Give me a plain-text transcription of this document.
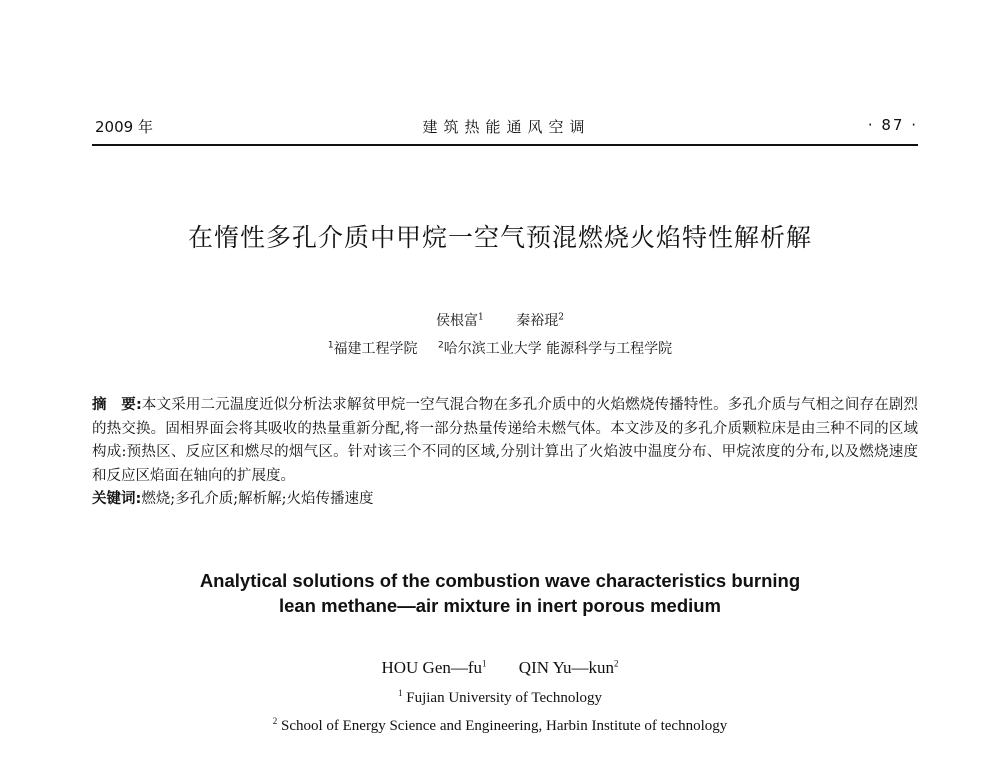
2009 年	建筑热能通风空调	· 87 ·
在惰性多孔介质中甲烷一空气预混燃烧火焰特性解析解
侯根富$^1$ 秦裕琨$^2$
$^1$福建工程学院 $^2$哈尔滨工业大学 能源科学与工程学院
摘　要:本文采用二元温度近似分析法求解贫甲烷一空气混合物在多孔介质中的火焰燃烧传播特性。多孔介质与气相之间存在剧烈的热交换。固相界面会将其吸收的热量重新分配,将一部分热量传递给未燃气体。本文涉及的多孔介质颗粒床是由三种不同的区域构成:预热区、反应区和燃尽的烟气区。针对该三个不同的区域,分别计算出了火焰波中温度分布、甲烷浓度的分布,以及燃烧速度和反应区焰面在轴向的扩展度。
关键词:燃烧;多孔介质;解析解;火焰传播速度
Analytical solutions of the combustion wave characteristics burning
lean methane—air mixture in inert porous medium
HOU $Gen—fu^1$ QIN Yu—kun$^2$
$^1$ Fujian University of Technology
$^2$ School of Energy Science and Engineering, Harbin Institute of technology
